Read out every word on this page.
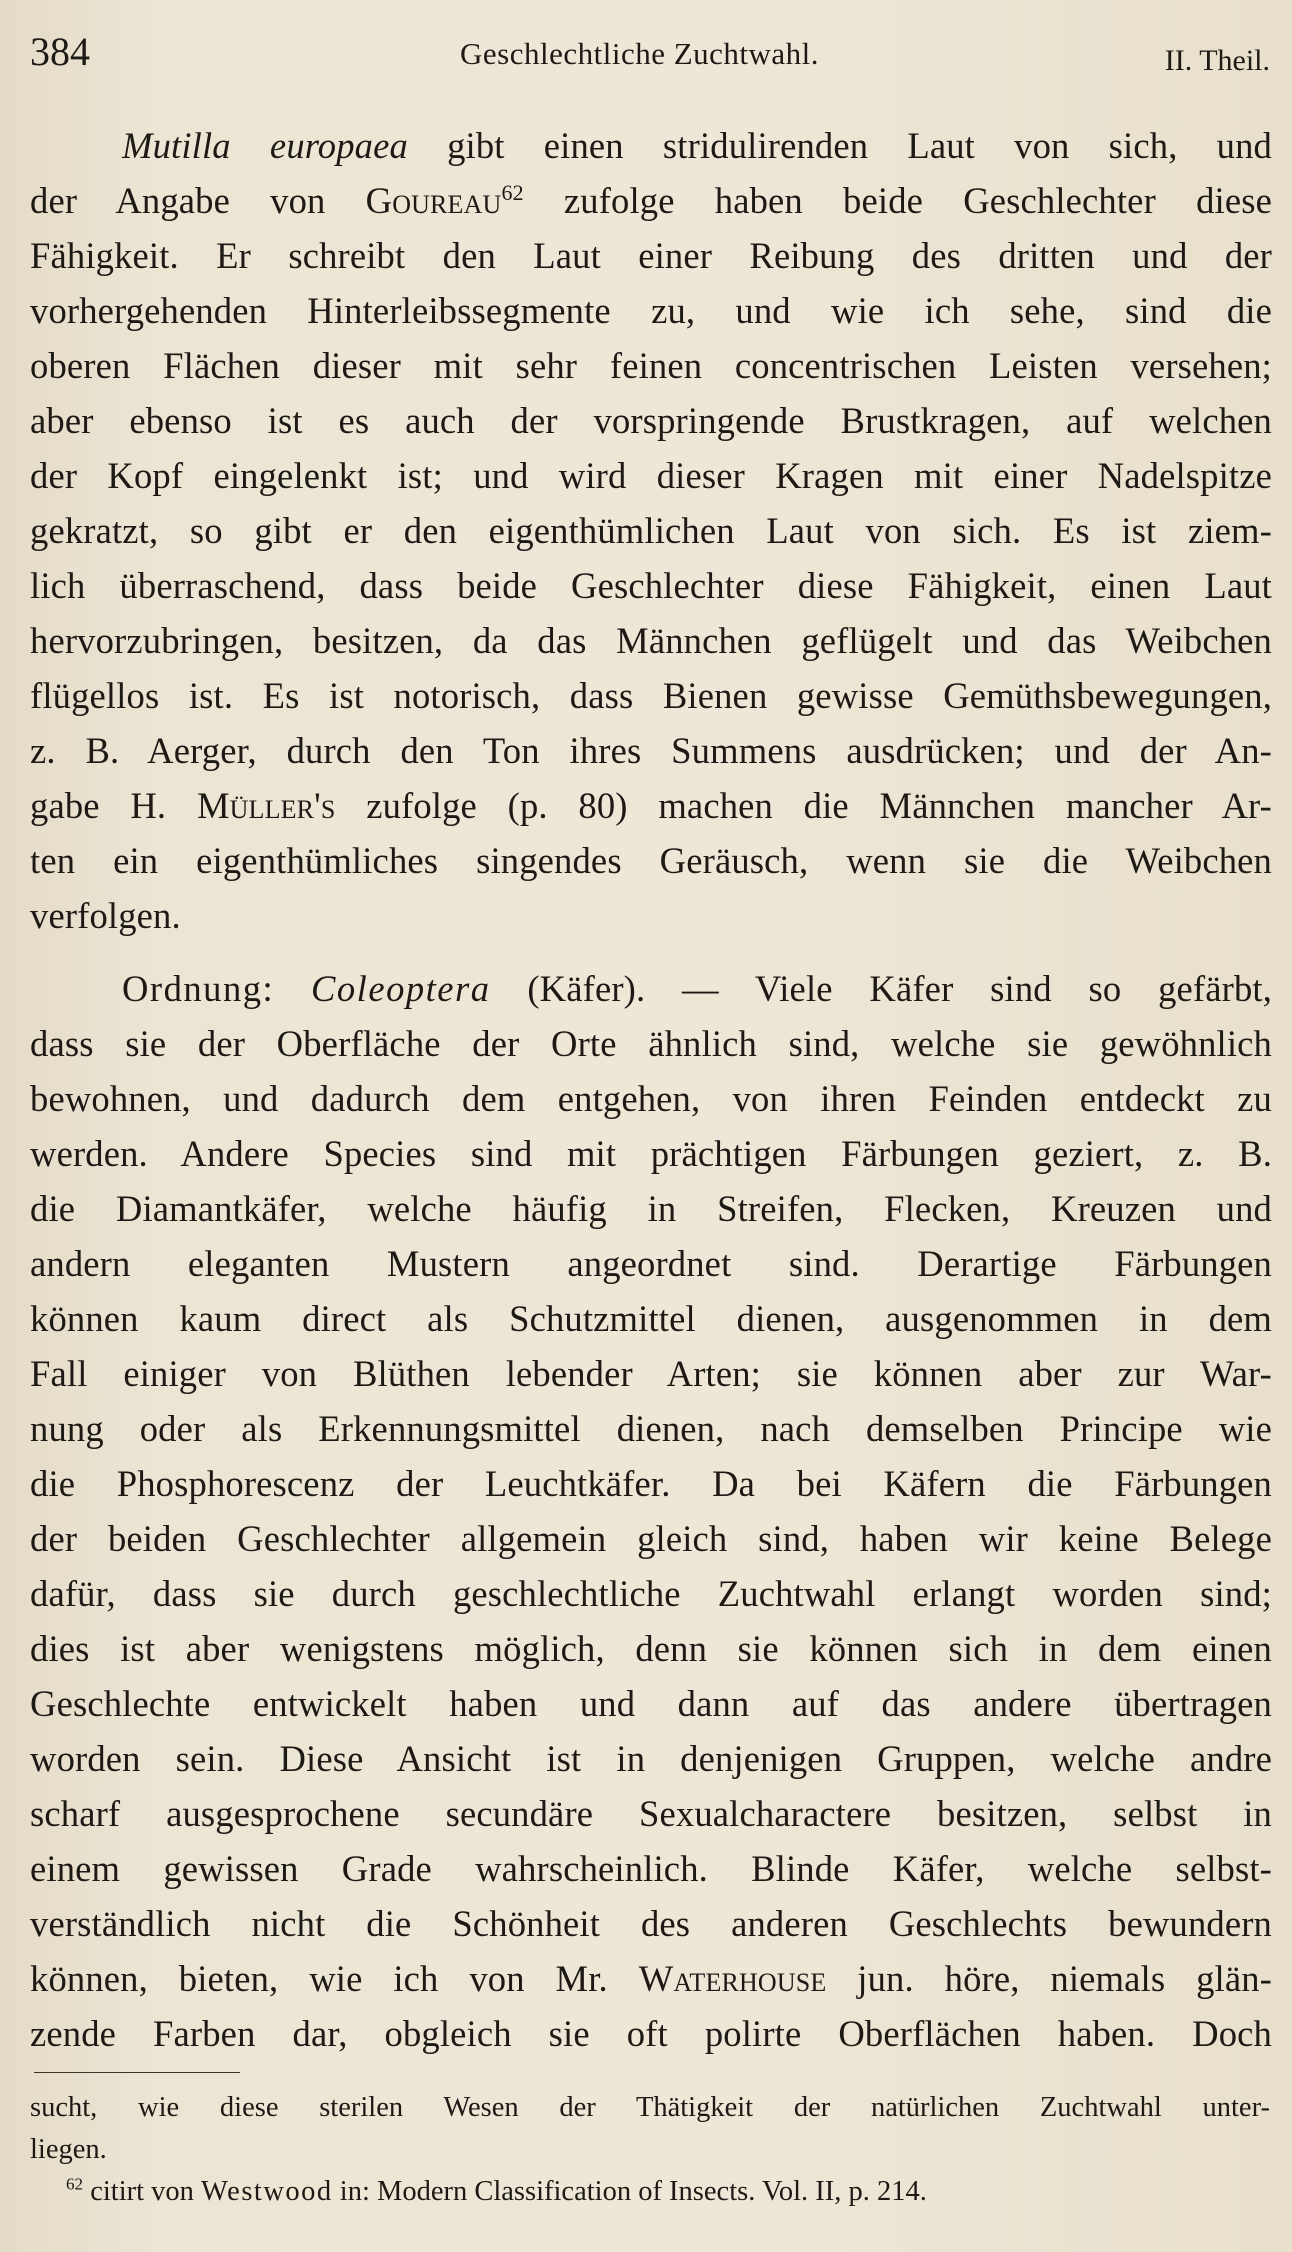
384	Geschlechtliche Zuchtwahl.	II. Theil.
Mutilla europaea gibt einen stridulirenden Laut von sich, und
der Angabe von Goureau$^{62}$ zufolge haben beide Geschlechter diese
Fähigkeit. Er schreibt den Laut einer Reibung des dritten und der
vorhergehenden Hinterleibssegmente zu, und wie ich sehe, sind die
oberen Flächen dieser mit sehr feinen concentrischen Leisten versehen;
aber ebenso ist es auch der vorspringende Brustkragen, auf welchen
der Kopf eingelenkt ist; und wird dieser Kragen mit einer Nadelspitze
gekratzt, so gibt er den eigenthümlichen Laut von sich. Es ist ziem-
lich überraschend, dass beide Geschlechter diese Fähigkeit, einen Laut
hervorzubringen, besitzen, da das Männchen geflügelt und das Weibchen
flügellos ist. Es ist notorisch, dass Bienen gewisse Gemüthsbewegungen,
z. B. Aerger, durch den Ton ihres Summens ausdrücken; und der An-
gabe H. Müller's zufolge (p. 80) machen die Männchen mancher Ar-
ten ein eigenthümliches singendes Geräusch, wenn sie die Weibchen
verfolgen.
Ordnung: Coleoptera (Käfer). — Viele Käfer sind so gefärbt,
dass sie der Oberfläche der Orte ähnlich sind, welche sie gewöhnlich
bewohnen, und dadurch dem entgehen, von ihren Feinden entdeckt zu
werden. Andere Species sind mit prächtigen Färbungen geziert, z. B.
die Diamantkäfer, welche häufig in Streifen, Flecken, Kreuzen und
andern eleganten Mustern angeordnet sind. Derartige Färbungen
können kaum direct als Schutzmittel dienen, ausgenommen in dem
Fall einiger von Blüthen lebender Arten; sie können aber zur War-
nung oder als Erkennungsmittel dienen, nach demselben Principe wie
die Phosphorescenz der Leuchtkäfer. Da bei Käfern die Färbungen
der beiden Geschlechter allgemein gleich sind, haben wir keine Belege
dafür, dass sie durch geschlechtliche Zuchtwahl erlangt worden sind;
dies ist aber wenigstens möglich, denn sie können sich in dem einen
Geschlechte entwickelt haben und dann auf das andere übertragen
worden sein. Diese Ansicht ist in denjenigen Gruppen, welche andre
scharf ausgesprochene secundäre Sexualcharactere besitzen, selbst in
einem gewissen Grade wahrscheinlich. Blinde Käfer, welche selbst-
verständlich nicht die Schönheit des anderen Geschlechts bewundern
können, bieten, wie ich von Mr. Waterhouse jun. höre, niemals glän-
zende Farben dar, obgleich sie oft polirte Oberflächen haben. Doch
sucht, wie diese sterilen Wesen der Thätigkeit der natürlichen Zuchtwahl unter-
liegen.
$^{62}$ citirt von Westwood in: Modern Classification of Insects. Vol. II, p. 214.
